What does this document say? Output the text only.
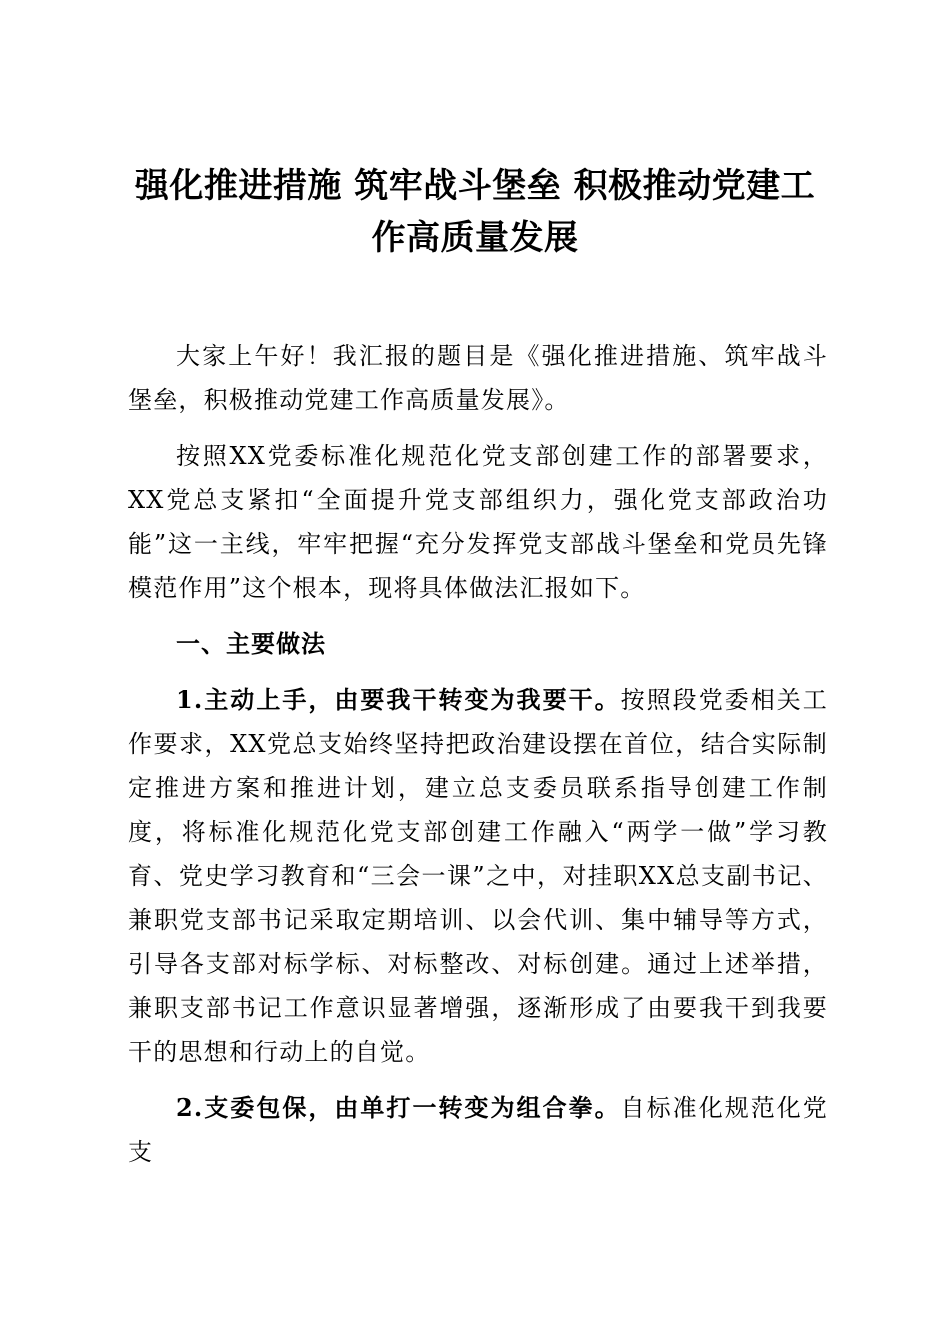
强化推进措施 筑牢战斗堡垒 积极推动党建工作高质量发展

大家上午好！我汇报的题目是《强化推进措施、筑牢战斗堡垒，积极推动党建工作高质量发展》。

按照XX党委标准化规范化党支部创建工作的部署要求，XX党总支紧扣“全面提升党支部组织力，强化党支部政治功能”这一主线，牢牢把握“充分发挥党支部战斗堡垒和党员先锋模范作用”这个根本，现将具体做法汇报如下。

一、主要做法

1.主动上手，由要我干转变为我要干。按照段党委相关工作要求，XX党总支始终坚持把政治建设摆在首位，结合实际制定推进方案和推进计划，建立总支委员联系指导创建工作制度，将标准化规范化党支部创建工作融入“两学一做”学习教育、党史学习教育和“三会一课”之中，对挂职XX总支副书记、兼职党支部书记采取定期培训、以会代训、集中辅导等方式，引导各支部对标学标、对标整改、对标创建。通过上述举措，兼职支部书记工作意识显著增强，逐渐形成了由要我干到我要干的思想和行动上的自觉。

2.支委包保，由单打一转变为组合拳。自标准化规范化党支
